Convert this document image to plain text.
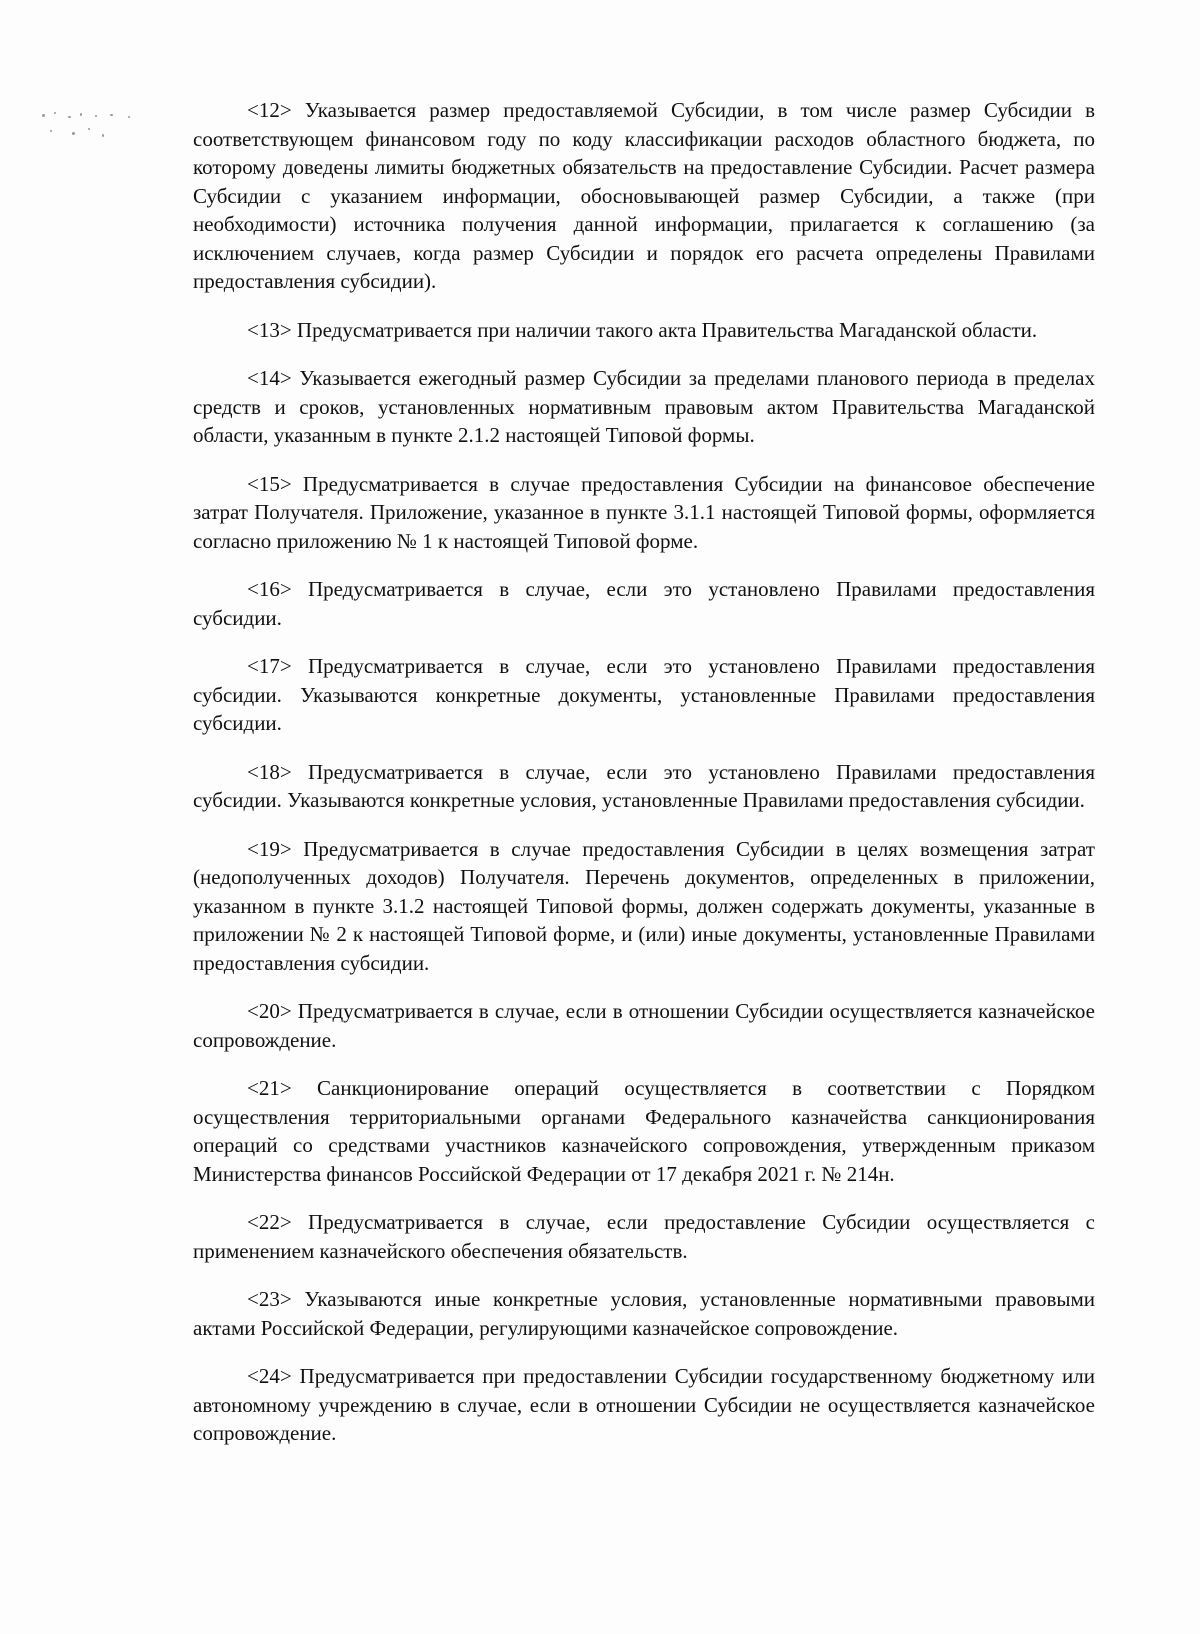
<12> Указывается размер предоставляемой Субсидии, в том числе размер Субсидии в соответствующем финансовом году по коду классификации расходов областного бюджета, по которому доведены лимиты бюджетных обязательств на предоставление Субсидии. Расчет размера Субсидии с указанием информации, обосновывающей размер Субсидии, а также (при необходимости) источника получения данной информации, прилагается к соглашению (за исключением случаев, когда размер Субсидии и порядок его расчета определены Правилами предоставления субсидии).

<13> Предусматривается при наличии такого акта Правительства Магаданской области.

<14> Указывается ежегодный размер Субсидии за пределами планового периода в пределах средств и сроков, установленных нормативным правовым актом Правительства Магаданской области, указанным в пункте 2.1.2 настоящей Типовой формы.

<15> Предусматривается в случае предоставления Субсидии на финансовое обеспечение затрат Получателя. Приложение, указанное в пункте 3.1.1 настоящей Типовой формы, оформляется согласно приложению № 1 к настоящей Типовой форме.

<16> Предусматривается в случае, если это установлено Правилами предоставления субсидии.

<17> Предусматривается в случае, если это установлено Правилами предоставления субсидии. Указываются конкретные документы, установленные Правилами предоставления субсидии.

<18> Предусматривается в случае, если это установлено Правилами предоставления субсидии. Указываются конкретные условия, установленные Правилами предоставления субсидии.

<19> Предусматривается в случае предоставления Субсидии в целях возмещения затрат (недополученных доходов) Получателя. Перечень документов, определенных в приложении, указанном в пункте 3.1.2 настоящей Типовой формы, должен содержать документы, указанные в приложении № 2 к настоящей Типовой форме, и (или) иные документы, установленные Правилами предоставления субсидии.

<20> Предусматривается в случае, если в отношении Субсидии осуществляется казначейское сопровождение.

<21> Санкционирование операций осуществляется в соответствии с Порядком осуществления территориальными органами Федерального казначейства санкционирования операций со средствами участников казначейского сопровождения, утвержденным приказом Министерства финансов Российской Федерации от 17 декабря 2021 г. № 214н.

<22> Предусматривается в случае, если предоставление Субсидии осуществляется с применением казначейского обеспечения обязательств.

<23> Указываются иные конкретные условия, установленные нормативными правовыми актами Российской Федерации, регулирующими казначейское сопровождение.

<24> Предусматривается при предоставлении Субсидии государственному бюджетному или автономному учреждению в случае, если в отношении Субсидии не осуществляется казначейское сопровождение.
